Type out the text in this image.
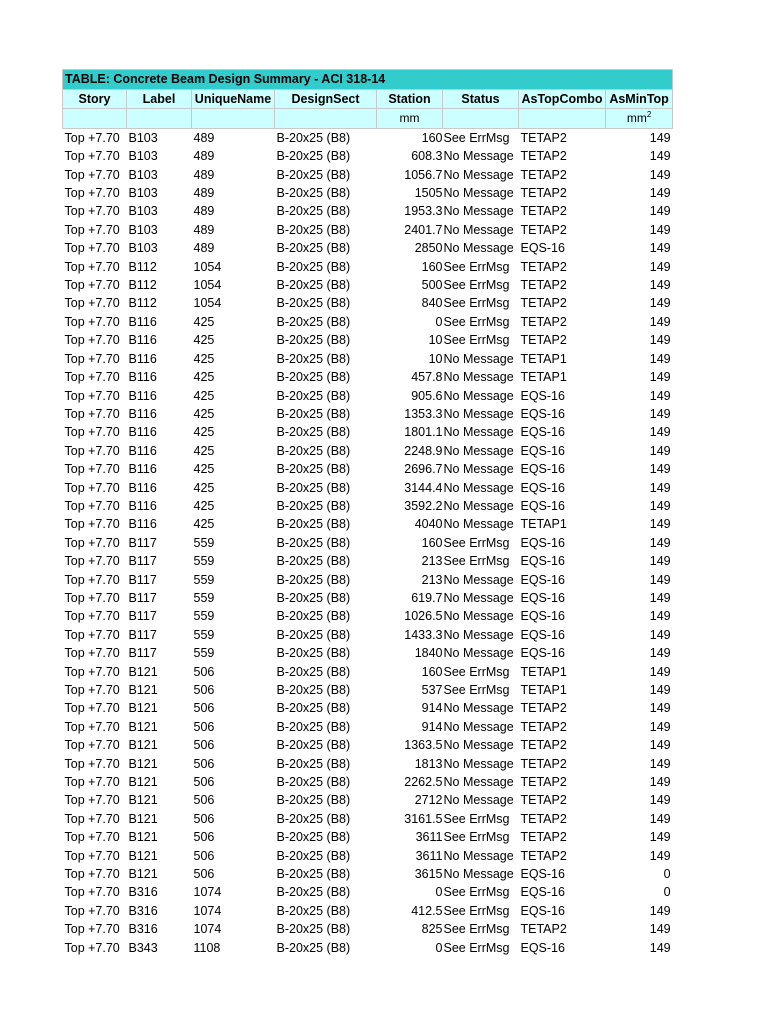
TABLE: Concrete Beam Design Summary - ACI 318-14							
Story	Label	UniqueName	DesignSect	Station	Status	AsTopCombo	AsMinTop
				mm			$mm^2$
Top +7.70	B103	489	B-20x25 (B8)	160	See ErrMsg	TETAP2	149
Top +7.70	B103	489	B-20x25 (B8)	608.3	No Message	TETAP2	149
Top +7.70	B103	489	B-20x25 (B8)	1056.7	No Message	TETAP2	149
Top +7.70	B103	489	B-20x25 (B8)	1505	No Message	TETAP2	149
Top +7.70	B103	489	B-20x25 (B8)	1953.3	No Message	TETAP2	149
Top +7.70	B103	489	B-20x25 (B8)	2401.7	No Message	TETAP2	149
Top +7.70	B103	489	B-20x25 (B8)	2850	No Message	EQS-16	149
Top +7.70	B112	1054	B-20x25 (B8)	160	See ErrMsg	TETAP2	149
Top +7.70	B112	1054	B-20x25 (B8)	500	See ErrMsg	TETAP2	149
Top +7.70	B112	1054	B-20x25 (B8)	840	See ErrMsg	TETAP2	149
Top +7.70	B116	425	B-20x25 (B8)	0	See ErrMsg	TETAP2	149
Top +7.70	B116	425	B-20x25 (B8)	10	See ErrMsg	TETAP2	149
Top +7.70	B116	425	B-20x25 (B8)	10	No Message	TETAP1	149
Top +7.70	B116	425	B-20x25 (B8)	457.8	No Message	TETAP1	149
Top +7.70	B116	425	B-20x25 (B8)	905.6	No Message	EQS-16	149
Top +7.70	B116	425	B-20x25 (B8)	1353.3	No Message	EQS-16	149
Top +7.70	B116	425	B-20x25 (B8)	1801.1	No Message	EQS-16	149
Top +7.70	B116	425	B-20x25 (B8)	2248.9	No Message	EQS-16	149
Top +7.70	B116	425	B-20x25 (B8)	2696.7	No Message	EQS-16	149
Top +7.70	B116	425	B-20x25 (B8)	3144.4	No Message	EQS-16	149
Top +7.70	B116	425	B-20x25 (B8)	3592.2	No Message	EQS-16	149
Top +7.70	B116	425	B-20x25 (B8)	4040	No Message	TETAP1	149
Top +7.70	B117	559	B-20x25 (B8)	160	See ErrMsg	EQS-16	149
Top +7.70	B117	559	B-20x25 (B8)	213	See ErrMsg	EQS-16	149
Top +7.70	B117	559	B-20x25 (B8)	213	No Message	EQS-16	149
Top +7.70	B117	559	B-20x25 (B8)	619.7	No Message	EQS-16	149
Top +7.70	B117	559	B-20x25 (B8)	1026.5	No Message	EQS-16	149
Top +7.70	B117	559	B-20x25 (B8)	1433.3	No Message	EQS-16	149
Top +7.70	B117	559	B-20x25 (B8)	1840	No Message	EQS-16	149
Top +7.70	B121	506	B-20x25 (B8)	160	See ErrMsg	TETAP1	149
Top +7.70	B121	506	B-20x25 (B8)	537	See ErrMsg	TETAP1	149
Top +7.70	B121	506	B-20x25 (B8)	914	No Message	TETAP2	149
Top +7.70	B121	506	B-20x25 (B8)	914	No Message	TETAP2	149
Top +7.70	B121	506	B-20x25 (B8)	1363.5	No Message	TETAP2	149
Top +7.70	B121	506	B-20x25 (B8)	1813	No Message	TETAP2	149
Top +7.70	B121	506	B-20x25 (B8)	2262.5	No Message	TETAP2	149
Top +7.70	B121	506	B-20x25 (B8)	2712	No Message	TETAP2	149
Top +7.70	B121	506	B-20x25 (B8)	3161.5	See ErrMsg	TETAP2	149
Top +7.70	B121	506	B-20x25 (B8)	3611	See ErrMsg	TETAP2	149
Top +7.70	B121	506	B-20x25 (B8)	3611	No Message	TETAP2	149
Top +7.70	B121	506	B-20x25 (B8)	3615	No Message	EQS-16	0
Top +7.70	B316	1074	B-20x25 (B8)	0	See ErrMsg	EQS-16	0
Top +7.70	B316	1074	B-20x25 (B8)	412.5	See ErrMsg	EQS-16	149
Top +7.70	B316	1074	B-20x25 (B8)	825	See ErrMsg	TETAP2	149
Top +7.70	B343	1108	B-20x25 (B8)	0	See ErrMsg	EQS-16	149
